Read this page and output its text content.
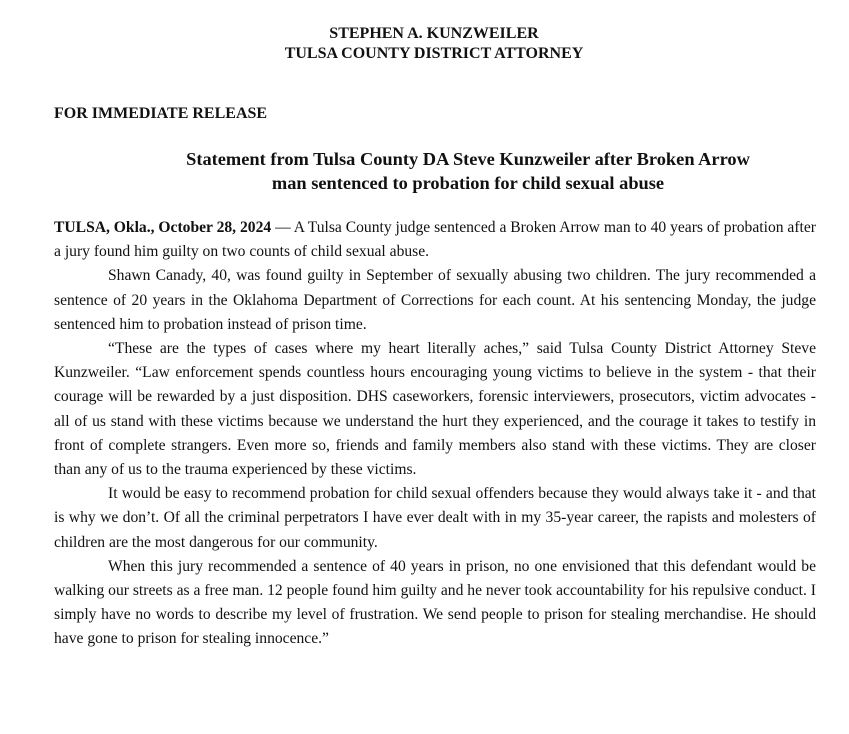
STEPHEN A. KUNZWEILER
TULSA COUNTY DISTRICT ATTORNEY
FOR IMMEDIATE RELEASE
Statement from Tulsa County DA Steve Kunzweiler after Broken Arrow
man sentenced to probation for child sexual abuse

TULSA, Okla., October 28, 2024 — A Tulsa County judge sentenced a Broken Arrow man to 40 years of probation after a jury found him guilty on two counts of child sexual abuse.

Shawn Canady, 40, was found guilty in September of sexually abusing two children. The jury recommended a sentence of 20 years in the Oklahoma Department of Corrections for each count. At his sentencing Monday, the judge sentenced him to probation instead of prison time.

“These are the types of cases where my heart literally aches,” said Tulsa County District Attorney Steve Kunzweiler. “Law enforcement spends countless hours encouraging young victims to believe in the system - that their courage will be rewarded by a just disposition. DHS caseworkers, forensic interviewers, prosecutors, victim advocates - all of us stand with these victims because we understand the hurt they experienced, and the courage it takes to testify in front of complete strangers. Even more so, friends and family members also stand with these victims. They are closer than any of us to the trauma experienced by these victims.

It would be easy to recommend probation for child sexual offenders because they would always take it - and that is why we don’t. Of all the criminal perpetrators I have ever dealt with in my 35-year career, the rapists and molesters of children are the most dangerous for our community.

When this jury recommended a sentence of 40 years in prison, no one envisioned that this defendant would be walking our streets as a free man. 12 people found him guilty and he never took accountability for his repulsive conduct. I simply have no words to describe my level of frustration. We send people to prison for stealing merchandise. He should have gone to prison for stealing innocence.”
